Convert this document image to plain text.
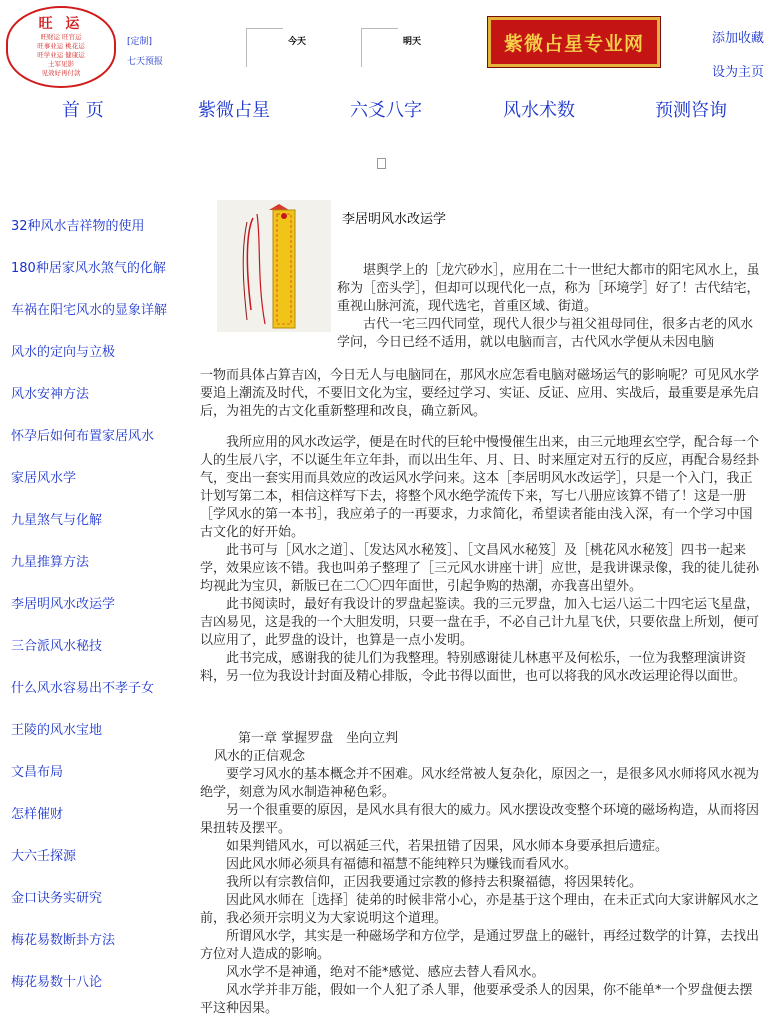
旺 运
旺财运 旺官运
旺事业运 桃花运
旺学业运 健康运
土军见影
见效好再付款
[定制]
七天预报
今天	明天	紫微占星专业网	添加收藏
设为主页
首 页	紫微占星	六爻八字	风水术数	预测咨询
32种风水吉祥物的使用
180种居家风水煞气的化解
车祸在阳宅风水的显象详解
风水的定向与立极
风水安神方法
怀孕后如何布置家居风水
家居风水学
九星煞气与化解
九星推算方法
李居明风水改运学
三合派风水秘技
什么风水容易出不孝子女
王陵的风水宝地
文昌布局
怎样催财
大六壬探源
金口诀务实研究
梅花易数断卦方法
梅花易数十八论
李居明风水改运学

堪舆学上的［龙穴砂水］，应用在二十一世纪大都市的阳宅风水上，虽称为［峦头学］，但却可以现代化一点，称为［环境学］好了！古代结宅，重视山脉河流，现代选宅，首重区域、街道。

古代一宅三四代同堂，现代人很少与祖父祖母同住，很多古老的风水学问，今日已经不适用，就以电脑而言，古代风水学便从未因电脑

一物而具体占算吉凶，今日无人与电脑同在，那风水应怎看电脑对磁场运气的影响呢？可见风水学要追上潮流及时代，不要旧文化为宝，要经过学习、实证、反证、应用、实战后，最重要是承先启后，为祖先的古文化重新整理和改良，确立新风。

我所应用的风水改运学，便是在时代的巨轮中慢慢催生出来，由三元地理玄空学，配合每一个人的生辰八字，不以诞生年立年卦，而以出生年、月、日、时来厘定对五行的反应，再配合易经卦气，变出一套实用而具效应的改运风水学问来。这本［李居明风水改运学］，只是一个入门，我正计划写第二本，相信这样写下去，将整个风水绝学流传下来，写七八册应该算不错了！这是一册［学风水的第一本书］，我应弟子的一再要求，力求简化，希望读者能由浅入深，有一个学习中国古文化的好开始。

此书可与［风水之道］、［发达风水秘笈］、［文昌风水秘笈］及［桃花风水秘笈］四书一起来学，效果应该不错。我也叫弟子整理了［三元风水讲座十讲］应世，是我讲课录像，我的徒儿徒孙均视此为宝贝，新版已在二〇〇四年面世，引起争购的热潮，亦我喜出望外。

此书阅读时，最好有我设计的罗盘起鉴读。我的三元罗盘，加入七运八运二十四宅运飞星盘，吉凶易见，这是我的一个大胆发明，只要一盘在手，不必自己计九星飞伏，只要依盘上所划，便可以应用了，此罗盘的设计，也算是一点小发明。

此书完成，感谢我的徒儿们为我整理。特别感谢徒儿林惠平及何松乐，一位为我整理演讲资料，另一位为我设计封面及精心排版，令此书得以面世，也可以将我的风水改运理论得以面世。

第一章 掌握罗盘　坐向立判

风水的正信观念

要学习风水的基本概念并不困难。风水经常被人复杂化，原因之一，是很多风水师将风水视为绝学，刻意为风水制造神秘色彩。

另一个很重要的原因，是风水具有很大的威力。风水摆设改变整个环境的磁场构造，从而将因果扭转及摆平。

如果判错风水，可以祸延三代，若果扭错了因果，风水师本身要承担后遗症。

因此风水师必须具有福德和福慧不能纯粹只为赚钱而看风水。

我所以有宗教信仰，正因我要通过宗教的修持去积聚福德，将因果转化。

因此风水师在［选择］徒弟的时候非常小心，亦是基于这个理由，在未正式向大家讲解风水之前，我必须开宗明义为大家说明这个道理。

所谓风水学，其实是一种磁场学和方位学，是通过罗盘上的磁针，再经过数学的计算，去找出方位对人造成的影响。

风水学不是神通，绝对不能*感觉、感应去替人看风水。

风水学并非万能，假如一个人犯了杀人罪，他要承受杀人的因果，你不能单*一个罗盘便去摆平这种因果。
